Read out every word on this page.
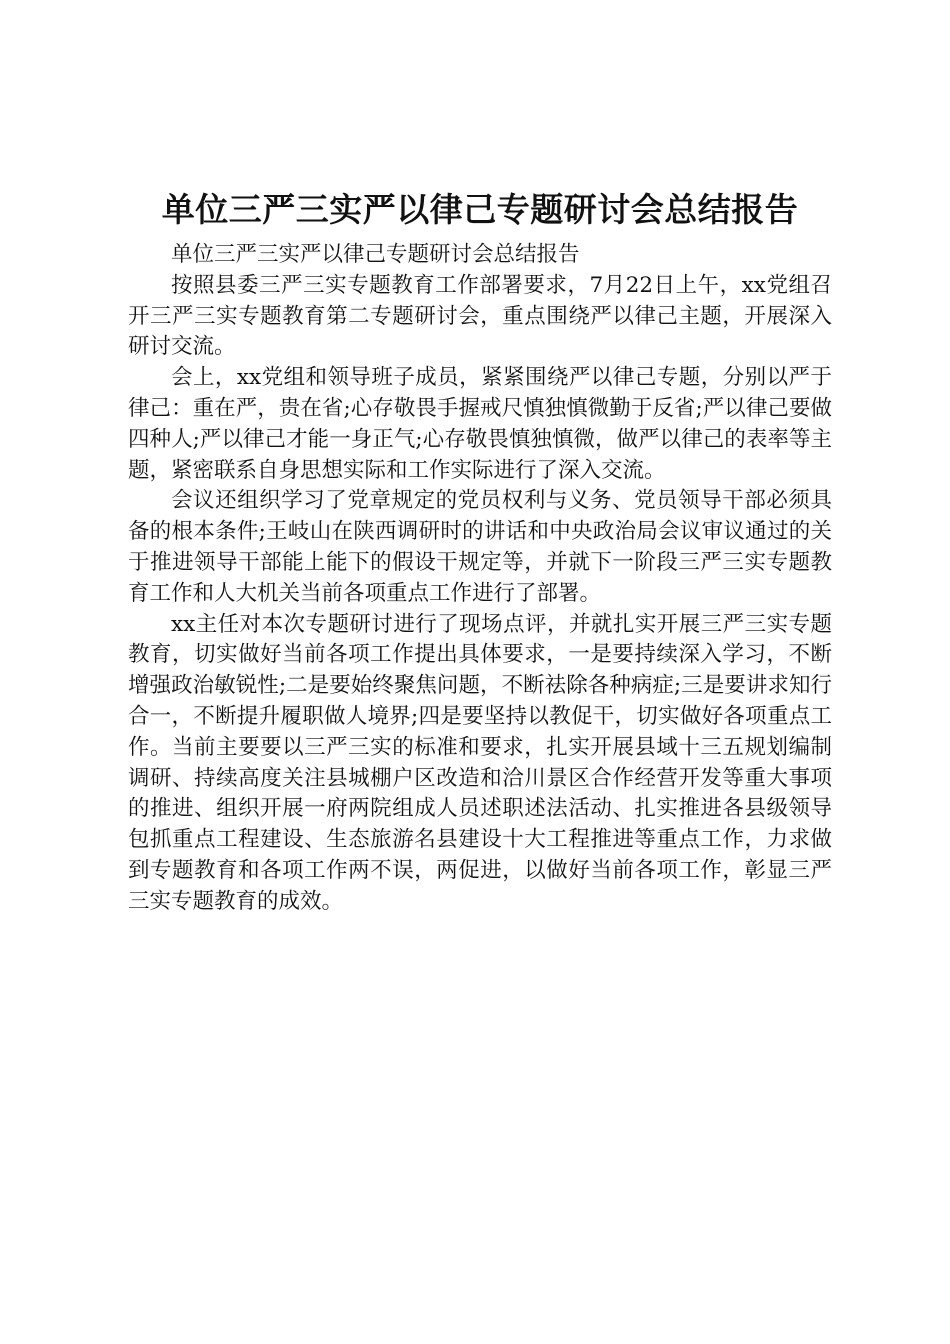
单位三严三实严以律己专题研讨会总结报告

单位三严三实严以律己专题研讨会总结报告

按照县委三严三实专题教育工作部署要求，7月22日上午，xx党组召开三严三实专题教育第二专题研讨会，重点围绕严以律己主题，开展深入研讨交流。

会上，xx党组和领导班子成员，紧紧围绕严以律己专题，分别以严于律己：重在严，贵在省;心存敬畏手握戒尺慎独慎微勤于反省;严以律己要做四种人;严以律己才能一身正气;心存敬畏慎独慎微，做严以律己的表率等主题，紧密联系自身思想实际和工作实际进行了深入交流。

会议还组织学习了党章规定的党员权利与义务、党员领导干部必须具备的根本条件;王岐山在陕西调研时的讲话和中央政治局会议审议通过的关于推进领导干部能上能下的假设干规定等，并就下一阶段三严三实专题教育工作和人大机关当前各项重点工作进行了部署。

xx主任对本次专题研讨进行了现场点评，并就扎实开展三严三实专题教育，切实做好当前各项工作提出具体要求，一是要持续深入学习，不断增强政治敏锐性;二是要始终聚焦问题，不断祛除各种病症;三是要讲求知行合一，不断提升履职做人境界;四是要坚持以教促干，切实做好各项重点工作。当前主要要以三严三实的标准和要求，扎实开展县域十三五规划编制调研、持续高度关注县城棚户区改造和洽川景区合作经营开发等重大事项的推进、组织开展一府两院组成人员述职述法活动、扎实推进各县级领导包抓重点工程建设、生态旅游名县建设十大工程推进等重点工作，力求做到专题教育和各项工作两不误，两促进，以做好当前各项工作，彰显三严三实专题教育的成效。
